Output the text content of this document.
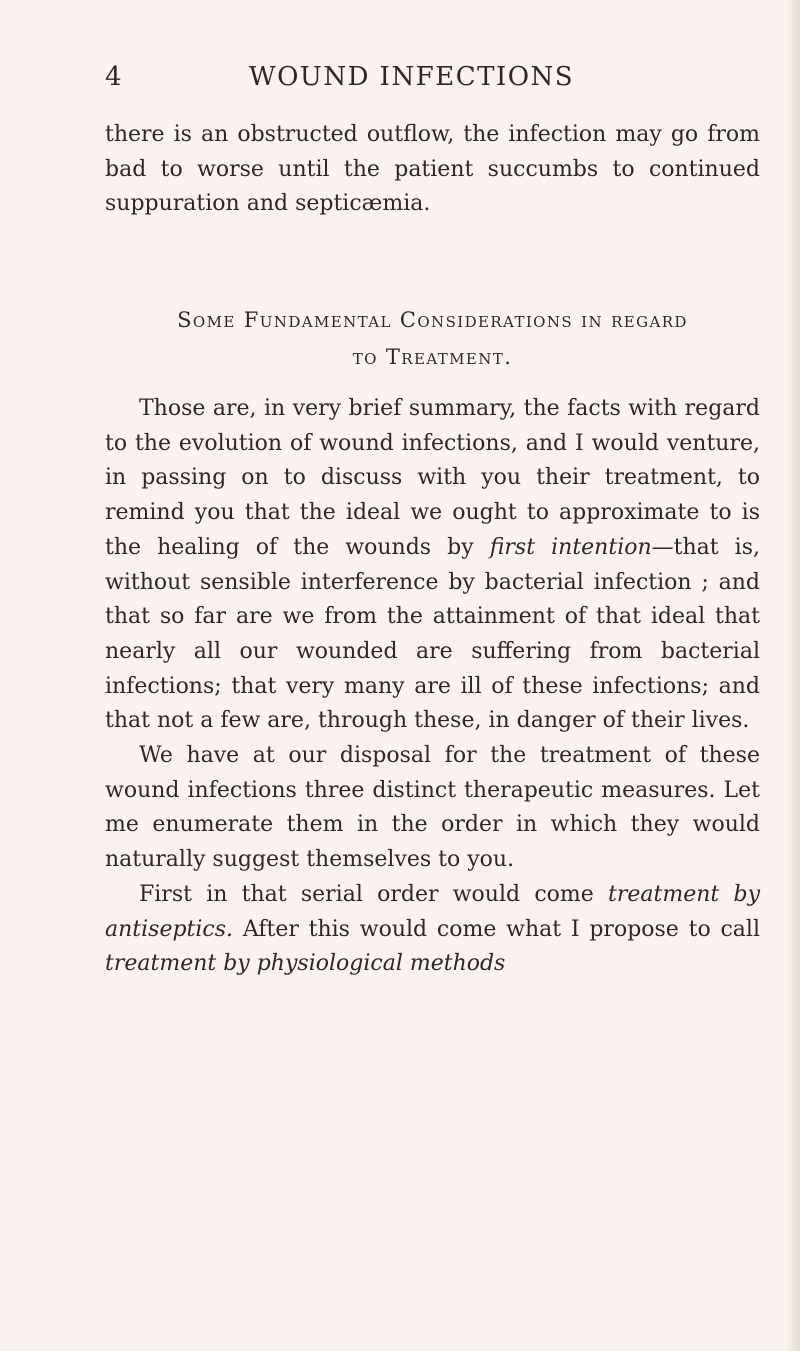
4	WOUND INFECTIONS

there is an obstructed outflow, the infection may go from bad to worse until the patient succumbs to continued suppuration and septicæmia.

Some Fundamental Considerations in regard
to Treatment.

Those are, in very brief summary, the facts with regard to the evolution of wound infections, and I would venture, in passing on to discuss with you their treatment, to remind you that the ideal we ought to approximate to is the healing of the wounds by first intention—that is, without sensible interference by bacterial infection ; and that so far are we from the attainment of that ideal that nearly all our wounded are suffering from bacterial infections; that very many are ill of these infections; and that not a few are, through these, in danger of their lives.

We have at our disposal for the treatment of these wound infections three distinct therapeutic measures. Let me enumerate them in the order in which they would naturally suggest themselves to you.

First in that serial order would come treatment by antiseptics. After this would come what I propose to call treatment by physiological methods
